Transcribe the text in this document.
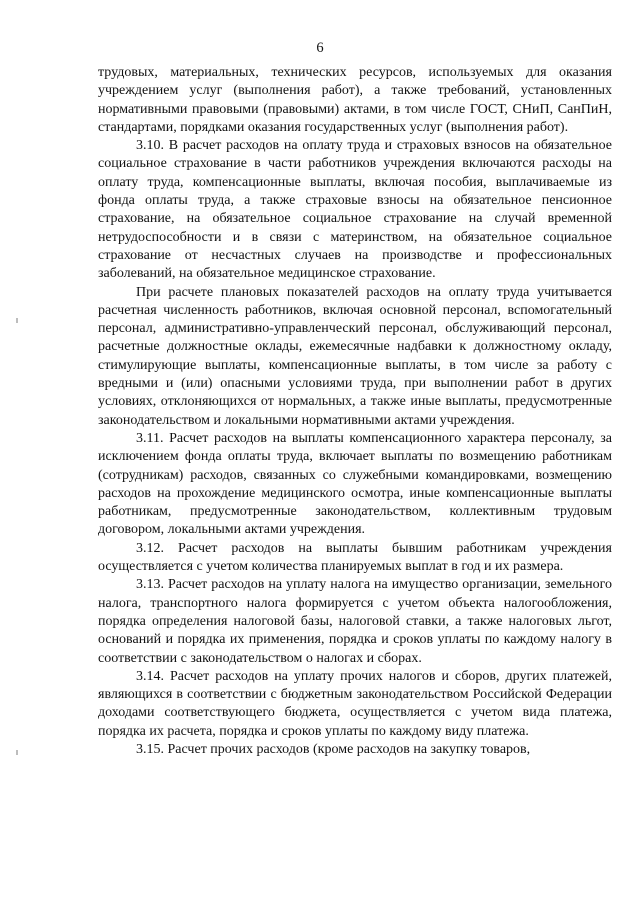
6

трудовых, материальных, технических ресурсов, используемых для оказания учреждением услуг (выполнения работ), а также требований, установленных нормативными правовыми (правовыми) актами, в том числе ГОСТ, СНиП, СанПиН, стандартами, порядками оказания государственных услуг (выполнения работ).

3.10. В расчет расходов на оплату труда и страховых взносов на обязательное социальное страхование в части работников учреждения включаются расходы на оплату труда, компенсационные выплаты, включая пособия, выплачиваемые из фонда оплаты труда, а также страховые взносы на обязательное пенсионное страхование, на обязательное социальное страхование на случай временной нетрудоспособности и в связи с материнством, на обязательное социальное страхование от несчастных случаев на производстве и профессиональных заболеваний, на обязательное медицинское страхование.

При расчете плановых показателей расходов на оплату труда учитывается расчетная численность работников, включая основной персонал, вспомогательный персонал, административно-управленческий персонал, обслуживающий персонал, расчетные должностные оклады, ежемесячные надбавки к должностному окладу, стимулирующие выплаты, компенсационные выплаты, в том числе за работу с вредными и (или) опасными условиями труда, при выполнении работ в других условиях, отклоняющихся от нормальных, а также иные выплаты, предусмотренные законодательством и локальными нормативными актами учреждения.

3.11. Расчет расходов на выплаты компенсационного характера персоналу, за исключением фонда оплаты труда, включает выплаты по возмещению работникам (сотрудникам) расходов, связанных со служебными командировками, возмещению расходов на прохождение медицинского осмотра, иные компенсационные выплаты работникам, предусмотренные законодательством, коллективным трудовым договором, локальными актами учреждения.

3.12. Расчет расходов на выплаты бывшим работникам учреждения осуществляется с учетом количества планируемых выплат в год и их размера.

3.13. Расчет расходов на уплату налога на имущество организации, земельного налога, транспортного налога формируется с учетом объекта налогообложения, порядка определения налоговой базы, налоговой ставки, а также налоговых льгот, оснований и порядка их применения, порядка и сроков уплаты по каждому налогу в соответствии с законодательством о налогах и сборах.

3.14. Расчет расходов на уплату прочих налогов и сборов, других платежей, являющихся в соответствии с бюджетным законодательством Российской Федерации доходами соответствующего бюджета, осуществляется с учетом вида платежа, порядка их расчета, порядка и сроков уплаты по каждому виду платежа.

3.15. Расчет прочих расходов (кроме расходов на закупку товаров,
